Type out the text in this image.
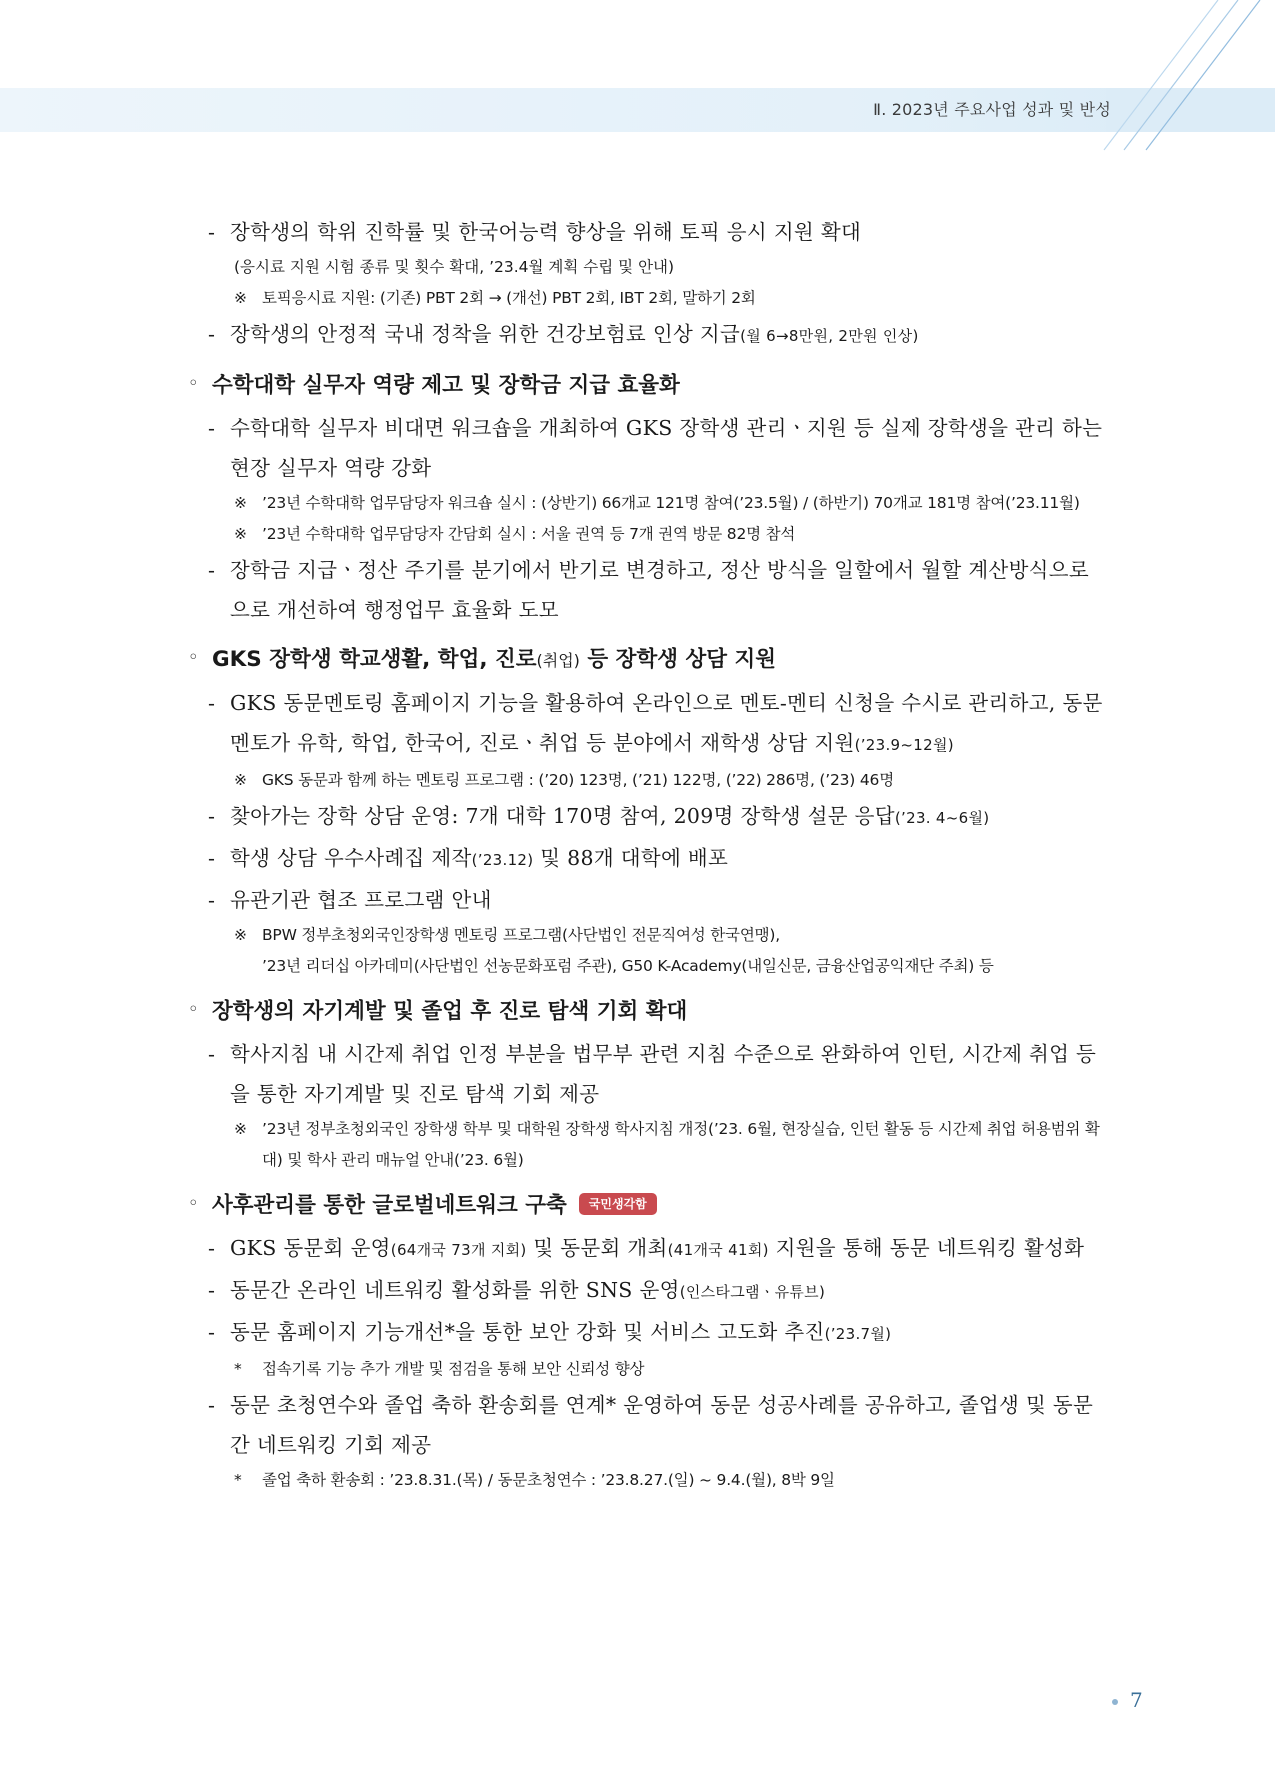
Ⅱ. 2023년 주요사업 성과 및 반성
- 장학생의 학위 진학률 및 한국어능력 향상을 위해 토픽 응시 지원 확대
(응시료 지원 시험 종류 및 횟수 확대, ’23.4월 계획 수립 및 안내)
※ 토픽응시료 지원: (기존) PBT 2회 → (개선) PBT 2회, IBT 2회, 말하기 2회
- 장학생의 안정적 국내 정착을 위한 건강보험료 인상 지급(월 6→8만원, 2만원 인상)
◦ 수학대학 실무자 역량 제고 및 장학금 지급 효율화
- 수학대학 실무자 비대면 워크숍을 개최하여 GKS 장학생 관리ㆍ지원 등 실제 장학생을 관리 하는 현장 실무자 역량 강화
※ ’23년 수학대학 업무담당자 워크숍 실시 : (상반기) 66개교 121명 참여(’23.5월) / (하반기) 70개교 181명 참여(’23.11월)
※ ’23년 수학대학 업무담당자 간담회 실시 : 서울 권역 등 7개 권역 방문 82명 참석
- 장학금 지급ㆍ정산 주기를 분기에서 반기로 변경하고, 정산 방식을 일할에서 월할 계산방식으로 으로 개선하여 행정업무 효율화 도모
◦ GKS 장학생 학교생활, 학업, 진로(취업) 등 장학생 상담 지원
- GKS 동문멘토링 홈페이지 기능을 활용하여 온라인으로 멘토-멘티 신청을 수시로 관리하고, 동문 멘토가 유학, 학업, 한국어, 진로ㆍ취업 등 분야에서 재학생 상담 지원(’23.9~12월)
※ GKS 동문과 함께 하는 멘토링 프로그램 : (’20) 123명, (’21) 122명, (’22) 286명, (’23) 46명
- 찾아가는 장학 상담 운영: 7개 대학 170명 참여, 209명 장학생 설문 응답(’23. 4~6월)
- 학생 상담 우수사례집 제작(’23.12) 및 88개 대학에 배포
- 유관기관 협조 프로그램 안내
※ BPW 정부초청외국인장학생 멘토링 프로그램(사단법인 전문직여성 한국연맹),
’23년 리더십 아카데미(사단법인 선농문화포럼 주관), G50 K-Academy(내일신문, 금융산업공익재단 주최) 등
◦ 장학생의 자기계발 및 졸업 후 진로 탐색 기회 확대
- 학사지침 내 시간제 취업 인정 부분을 법무부 관련 지침 수준으로 완화하여 인턴, 시간제 취업 등을 통한 자기계발 및 진로 탐색 기회 제공
※ ’23년 정부초청외국인 장학생 학부 및 대학원 장학생 학사지침 개정(’23. 6월, 현장실습, 인턴 활동 등 시간제 취업 허용범위 확대) 및 학사 관리 매뉴얼 안내(’23. 6월)
◦ 사후관리를 통한 글로벌네트워크 구축 국민생각함
- GKS 동문회 운영(64개국 73개 지회) 및 동문회 개최(41개국 41회) 지원을 통해 동문 네트워킹 활성화
- 동문간 온라인 네트워킹 활성화를 위한 SNS 운영(인스타그램ㆍ유튜브)
- 동문 홈페이지 기능개선*을 통한 보안 강화 및 서비스 고도화 추진(’23.7월)
* 접속기록 기능 추가 개발 및 점검을 통해 보안 신뢰성 향상
- 동문 초청연수와 졸업 축하 환송회를 연계* 운영하여 동문 성공사례를 공유하고, 졸업생 및 동문 간 네트워킹 기회 제공
* 졸업 축하 환송회 : ’23.8.31.(목) / 동문초청연수 : ’23.8.27.(일) ~ 9.4.(월), 8박 9일
7
